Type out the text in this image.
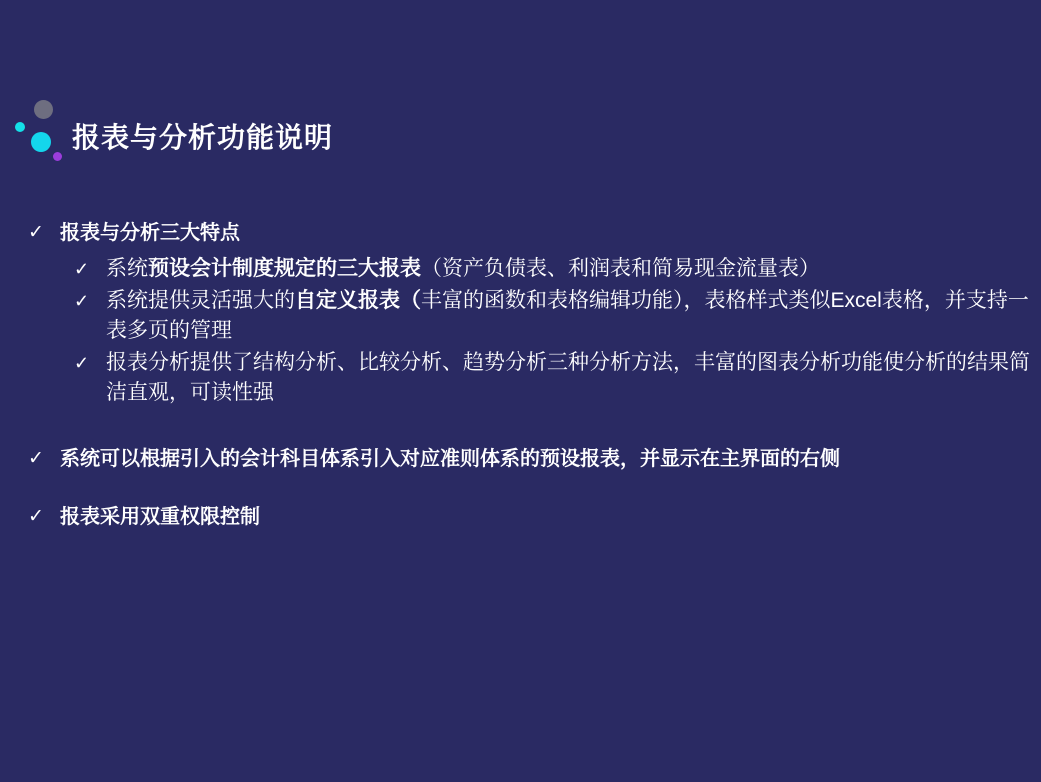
报表与分析功能说明
✓ 报表与分析三大特点
✓ 系统预设会计制度规定的三大报表（资产负债表、利润表和简易现金流量表）
✓ 系统提供灵活强大的自定义报表（丰富的函数和表格编辑功能），表格样式类似Excel表格，并支持一表多页的管理
✓ 报表分析提供了结构分析、比较分析、趋势分析三种分析方法，丰富的图表分析功能使分析的结果简洁直观，可读性强
✓ 系统可以根据引入的会计科目体系引入对应准则体系的预设报表，并显示在主界面的右侧
✓ 报表采用双重权限控制
